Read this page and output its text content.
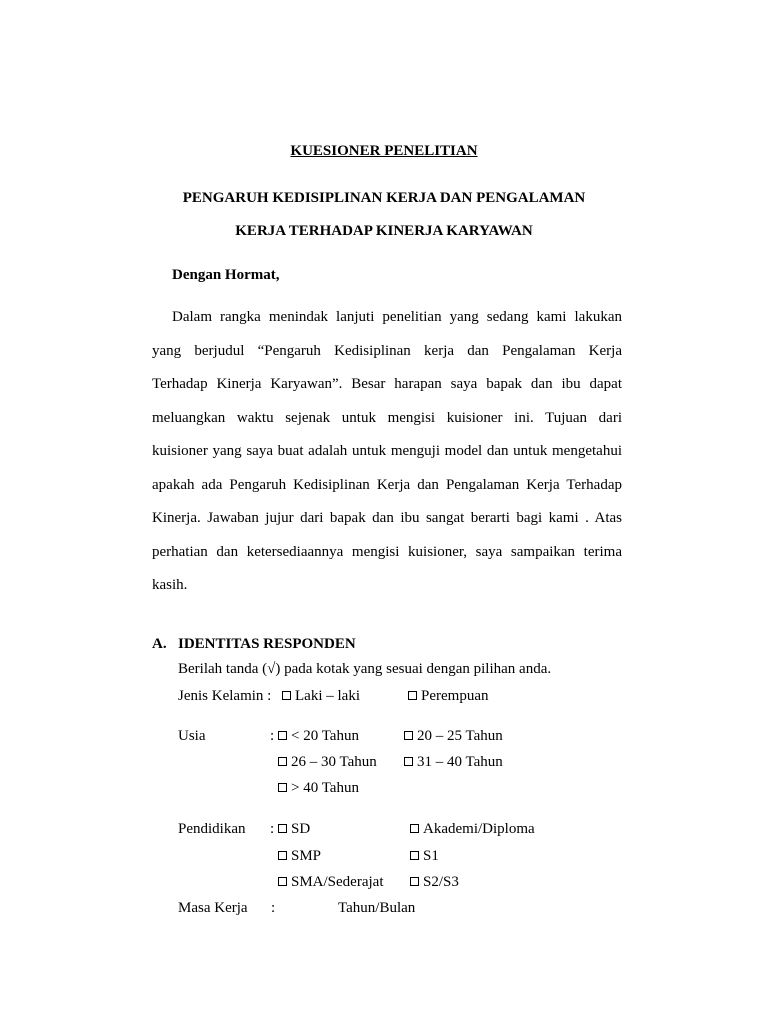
KUESIONER PENELITIAN
PENGARUH KEDISIPLINAN KERJA DAN PENGALAMAN
KERJA TERHADAP KINERJA KARYAWAN
Dengan Hormat,
Dalam rangka menindak lanjuti penelitian yang sedang kami lakukan
yang berjudul “Pengaruh Kedisiplinan kerja dan Pengalaman Kerja
Terhadap Kinerja Karyawan”. Besar harapan saya bapak dan ibu dapat
meluangkan waktu sejenak untuk mengisi kuisioner ini. Tujuan dari
kuisioner yang saya buat adalah untuk menguji model dan untuk mengetahui
apakah ada Pengaruh Kedisiplinan Kerja dan Pengalaman Kerja Terhadap
Kinerja. Jawaban jujur dari bapak dan ibu sangat berarti bagi kami . Atas
perhatian dan ketersediaannya mengisi kuisioner, saya sampaikan terima
kasih.
A. IDENTITAS RESPONDEN
Berilah tanda (√) pada kotak yang sesuai dengan pilihan anda.
Jenis Kelamin :	Laki – laki	Perempuan
Usia	:	< 20 Tahun	20 – 25 Tahun
26 – 30 Tahun	31 – 40 Tahun
> 40 Tahun
Pendidikan :	SD	Akademi/Diploma
SMP	S1
SMA/Sederajat	S2/S3
Masa Kerja :	Tahun/Bulan
